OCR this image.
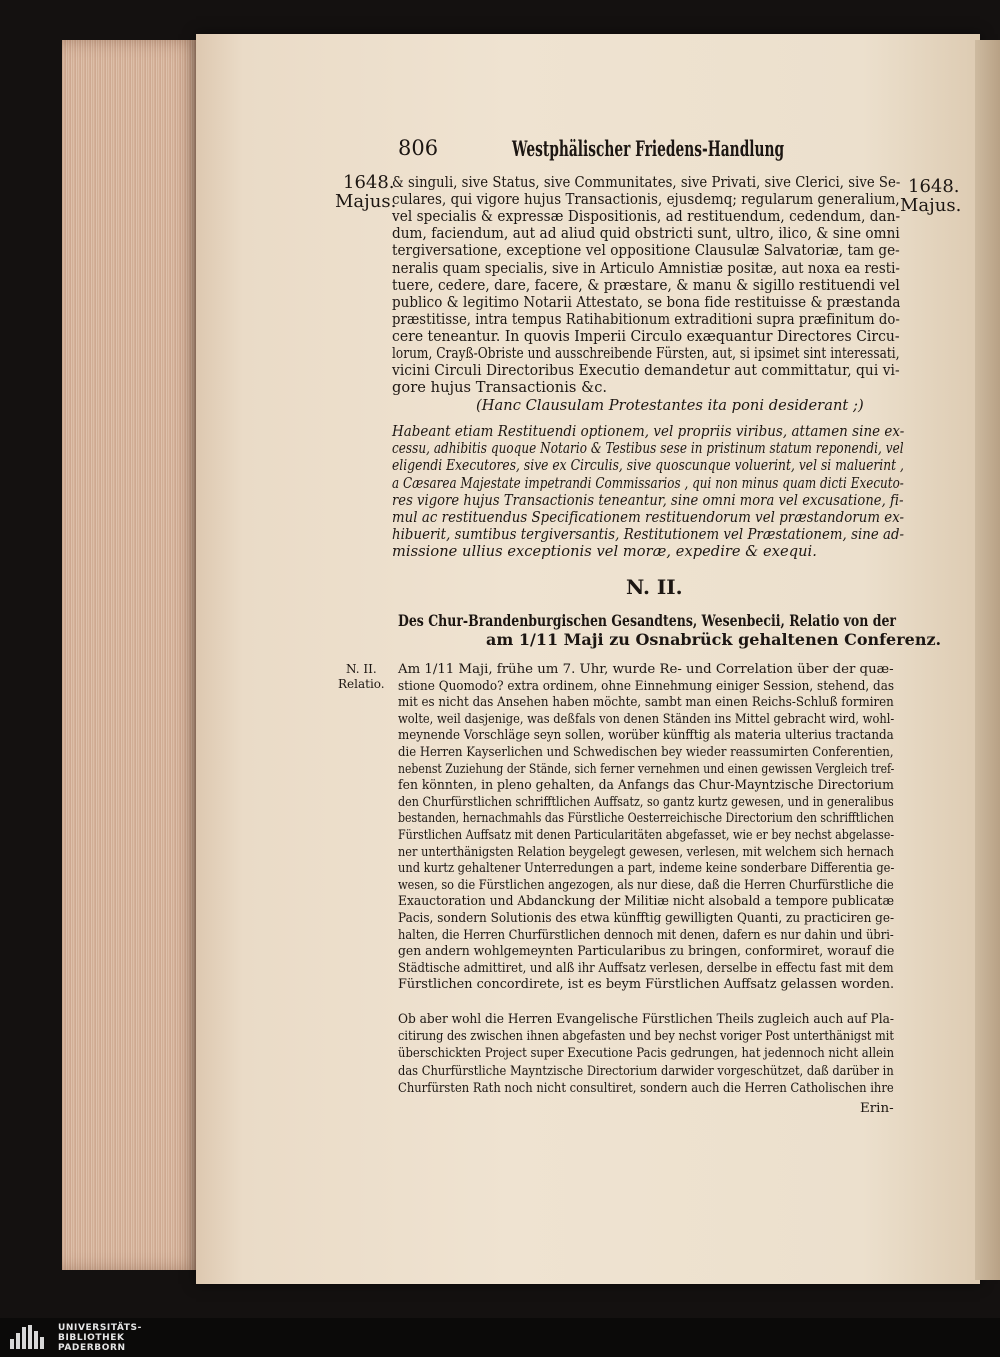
806	Westphälischer Friedens-Handlung
1648.
Majus.
1648.
Majus.
& singuli, sive Status, sive Communitates, sive Privati, sive Clerici, sive Se-
culares, qui vigore hujus Transactionis, ejusdemq; regularum generalium,
vel specialis & expressæ Dispositionis, ad restituendum, cedendum, dan-
dum, faciendum, aut ad aliud quid obstricti sunt, ultro, ilico, & sine omni
tergiversatione, exceptione vel oppositione Clausulæ Salvatoriæ, tam ge-
neralis quam specialis, sive in Articulo Amnistiæ positæ, aut noxa ea resti-
tuere, cedere, dare, facere, & præstare, & manu & sigillo restituendi vel
publico & legitimo Notarii Attestato, se bona fide restituisse & præstanda
præstitisse, intra tempus Ratihabitionum extraditioni supra præfinitum do-
cere teneantur. In quovis Imperii Circulo exæquantur Directores Circu-
lorum, Crayß-Obriste und ausschreibende Fürsten, aut, si ipsimet sint interessati,
vicini Circuli Directoribus Executio demandetur aut committatur, qui vi-
gore hujus Transactionis &c.
(Hanc Clausulam Protestantes ita poni desiderant ;)
Habeant etiam Restituendi optionem, vel propriis viribus, attamen sine ex-
cessu, adhibitis quoque Notario & Testibus sese in pristinum statum reponendi, vel
eligendi Executores, sive ex Circulis, sive quoscunque voluerint, vel si maluerint ,
a Cæsarea Majestate impetrandi Commissarios , qui non minus quam dicti Executo-
res vigore hujus Transactionis teneantur, sine omni mora vel excusatione, fi-
mul ac restituendus Specificationem restituendorum vel præstandorum ex-
hibuerit, sumtibus tergiversantis, Restitutionem vel Præstationem, sine ad-
missione ullius exceptionis vel moræ, expedire & exequi.
N. II.
Des Chur-Brandenburgischen Gesandtens, Wesenbecii, Relatio von der
am 1/11 Maji zu Osnabrück gehaltenen Conferenz.
N. II.
Relatio.
Am 1/11 Maji, frühe um 7. Uhr, wurde Re- und Correlation über der quæ-
stione Quomodo? extra ordinem, ohne Einnehmung einiger Session, stehend, das
mit es nicht das Ansehen haben möchte, sambt man einen Reichs-Schluß formiren
wolte, weil dasjenige, was deßfals von denen Ständen ins Mittel gebracht wird, wohl-
meynende Vorschläge seyn sollen, worüber künfftig als materia ulterius tractanda
die Herren Kayserlichen und Schwedischen bey wieder reassumirten Conferentien,
nebenst Zuziehung der Stände, sich ferner vernehmen und einen gewissen Vergleich tref-
fen könnten, in pleno gehalten, da Anfangs das Chur-Mayntzische Directorium
den Churfürstlichen schrifftlichen Auffsatz, so gantz kurtz gewesen, und in generalibus
bestanden, hernachmahls das Fürstliche Oesterreichische Directorium den schrifftlichen
Fürstlichen Auffsatz mit denen Particularitäten abgefasset, wie er bey nechst abgelasse-
ner unterthänigsten Relation beygelegt gewesen, verlesen, mit welchem sich hernach
und kurtz gehaltener Unterredungen a part, indeme keine sonderbare Differentia ge-
wesen, so die Fürstlichen angezogen, als nur diese, daß die Herren Churfürstliche die
Exauctoration und Abdanckung der Militiæ nicht alsobald a tempore publicatæ
Pacis, sondern Solutionis des etwa künfftig gewilligten Quanti, zu practiciren ge-
halten, die Herren Churfürstlichen dennoch mit denen, dafern es nur dahin und übri-
gen andern wohlgemeynten Particularibus zu bringen, conformiret, worauf die
Städtische admittiret, und alß ihr Auffsatz verlesen, derselbe in effectu fast mit dem
Fürstlichen concordirete, ist es beym Fürstlichen Auffsatz gelassen worden.
Ob aber wohl die Herren Evangelische Fürstlichen Theils zugleich auch auf Pla-
citirung des zwischen ihnen abgefasten und bey nechst voriger Post unterthänigst mit
überschickten Project super Executione Pacis gedrungen, hat jedennoch nicht allein
das Churfürstliche Mayntzische Directorium darwider vorgeschützet, daß darüber in
Churfürsten Rath noch nicht consultiret, sondern auch die Herren Catholischen ihre
Erin-
UNIVERSITÄTS-
BIBLIOTHEK
PADERBORN
